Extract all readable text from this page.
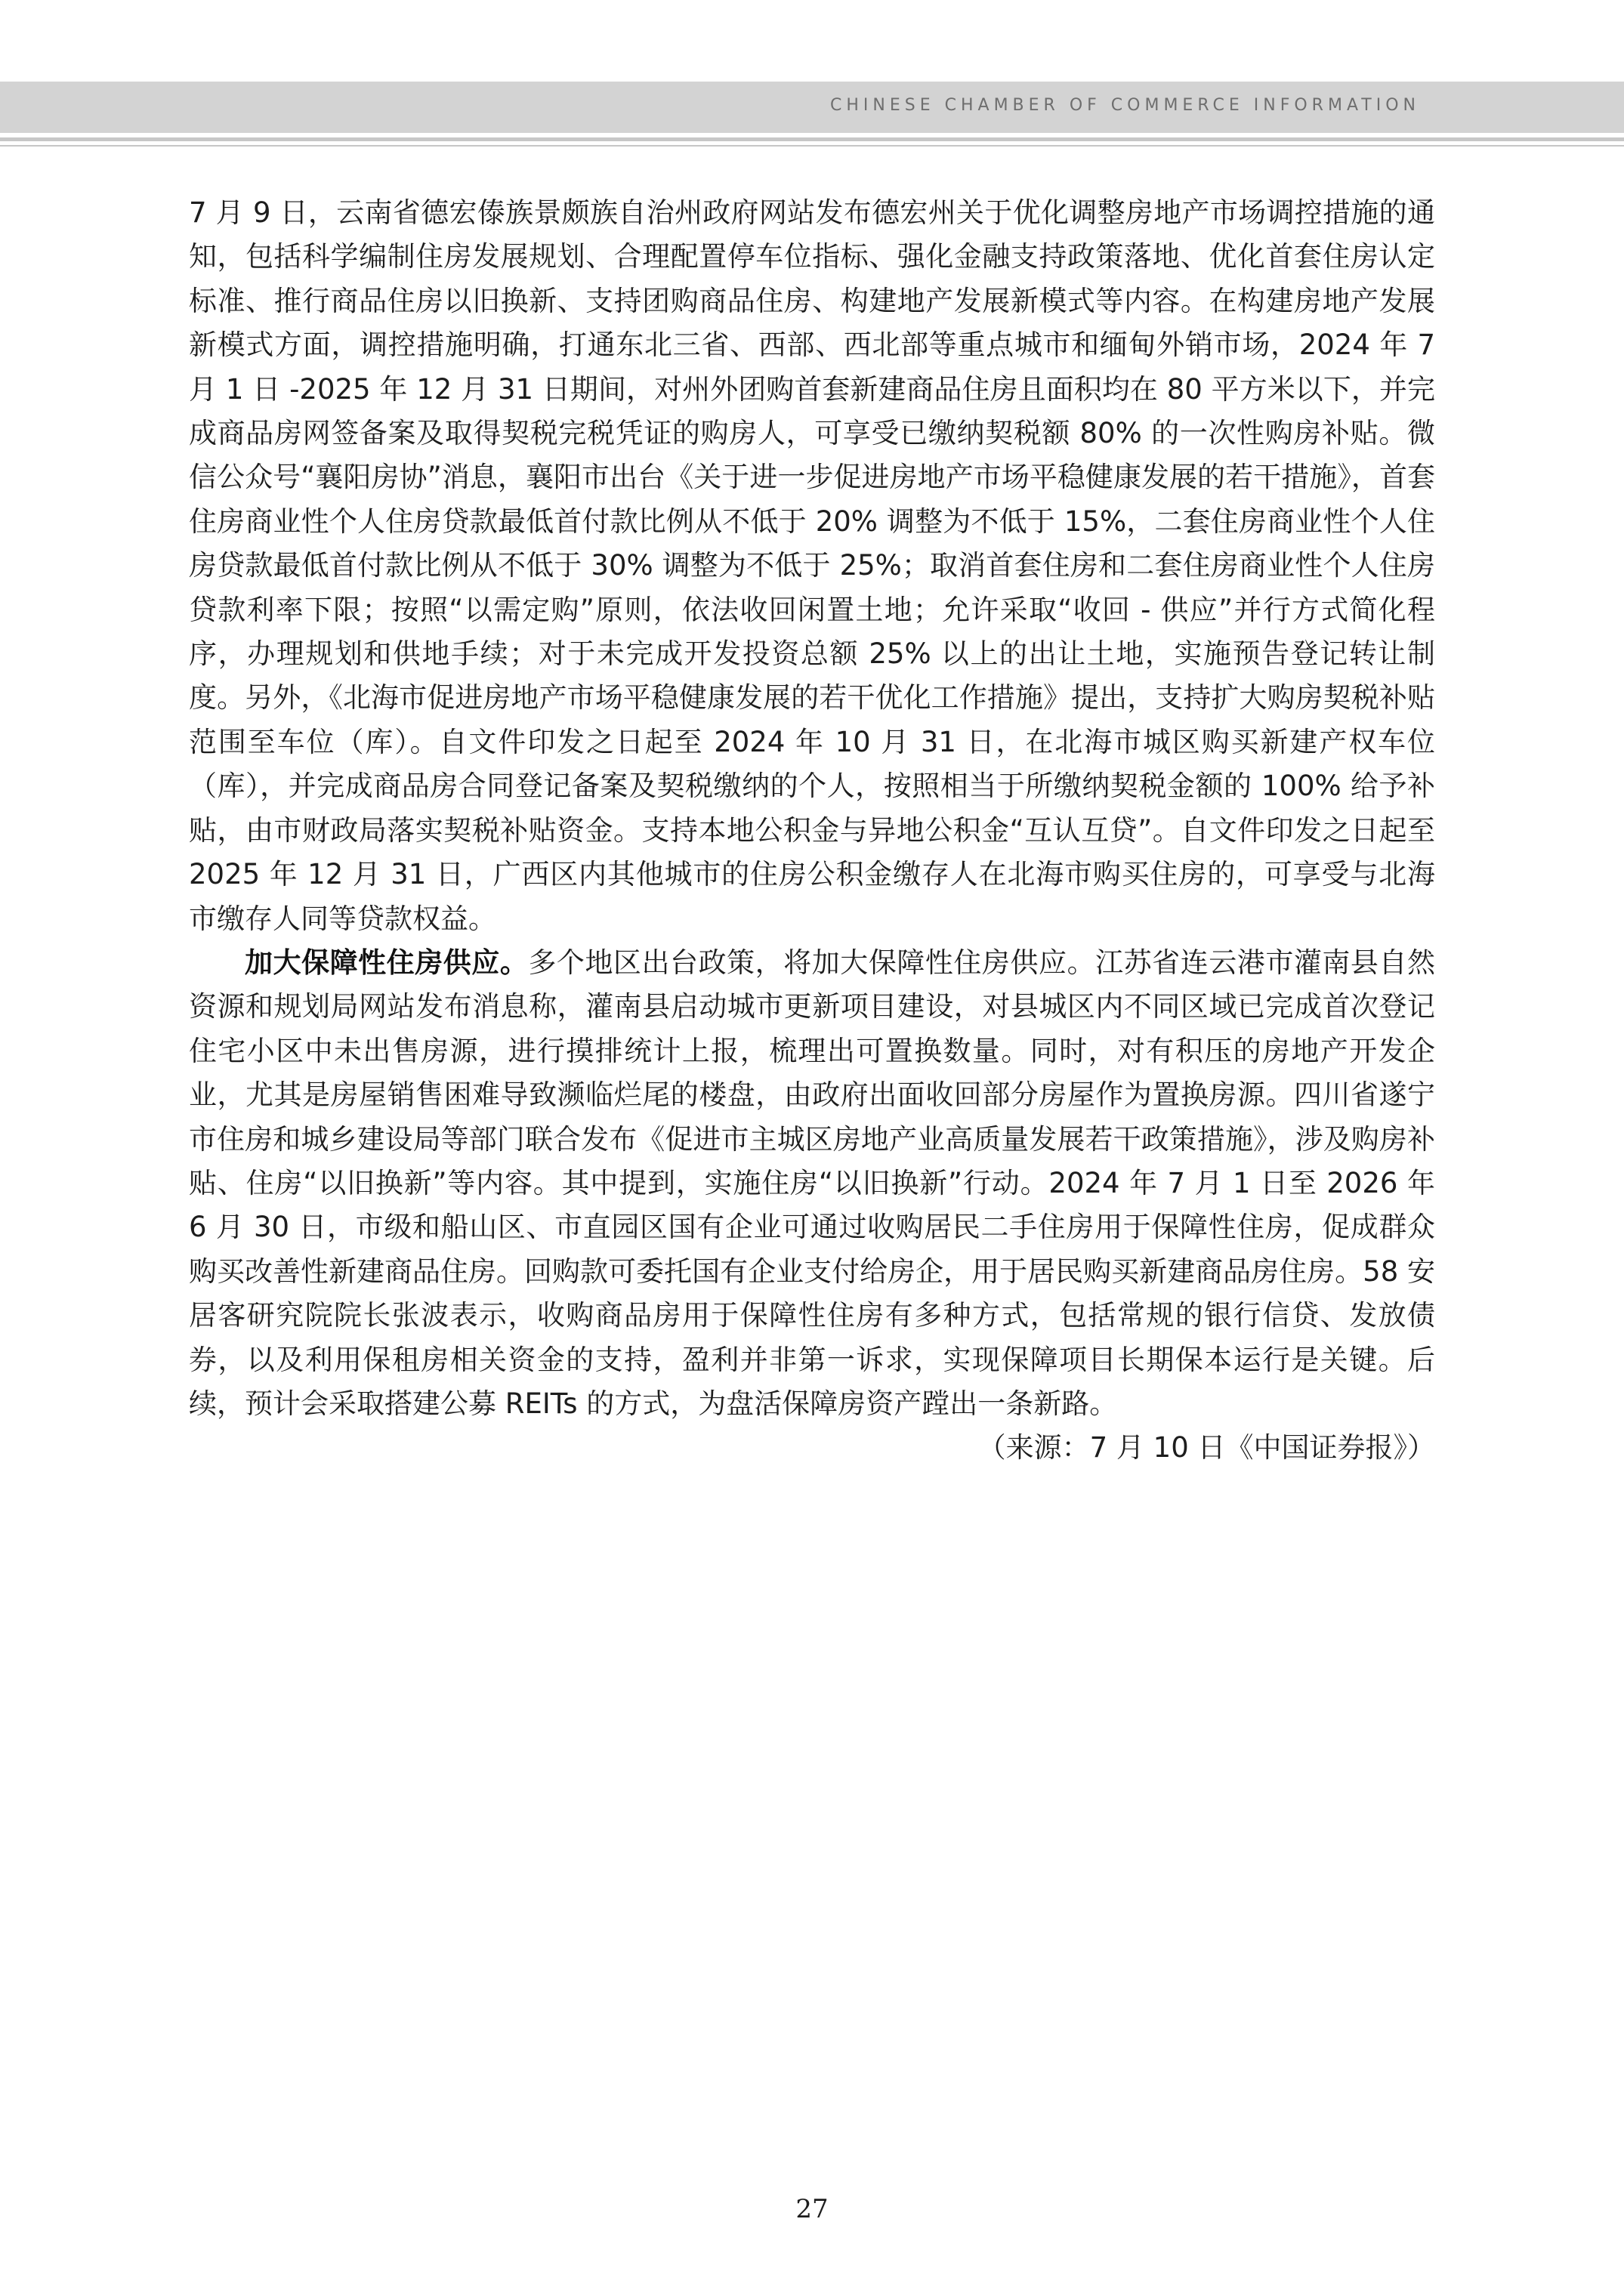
CHINESE CHAMBER OF COMMERCE INFORMATION

7 月 9 日，云南省德宏傣族景颇族自治州政府网站发布德宏州关于优化调整房地产市场调控措施的通知，包括科学编制住房发展规划、合理配置停车位指标、强化金融支持政策落地、优化首套住房认定标准、推行商品住房以旧换新、支持团购商品住房、构建地产发展新模式等内容。在构建房地产发展新模式方面，调控措施明确，打通东北三省、西部、西北部等重点城市和缅甸外销市场，2024 年 7 月 1 日 -2025 年 12 月 31 日期间，对州外团购首套新建商品住房且面积均在 80 平方米以下，并完成商品房网签备案及取得契税完税凭证的购房人，可享受已缴纳契税额 80% 的一次性购房补贴。微信公众号“襄阳房协”消息，襄阳市出台《关于进一步促进房地产市场平稳健康发展的若干措施》，首套住房商业性个人住房贷款最低首付款比例从不低于 20% 调整为不低于 15%，二套住房商业性个人住房贷款最低首付款比例从不低于 30% 调整为不低于 25%；取消首套住房和二套住房商业性个人住房贷款利率下限；按照“以需定购”原则，依法收回闲置土地；允许采取“收回 - 供应”并行方式简化程序，办理规划和供地手续；对于未完成开发投资总额 25% 以上的出让土地，实施预告登记转让制度。另外，《北海市促进房地产市场平稳健康发展的若干优化工作措施》提出，支持扩大购房契税补贴范围至车位（库）。自文件印发之日起至 2024 年 10 月 31 日，在北海市城区购买新建产权车位（库），并完成商品房合同登记备案及契税缴纳的个人，按照相当于所缴纳契税金额的 100% 给予补贴，由市财政局落实契税补贴资金。支持本地公积金与异地公积金“互认互贷”。自文件印发之日起至 2025 年 12 月 31 日，广西区内其他城市的住房公积金缴存人在北海市购买住房的，可享受与北海市缴存人同等贷款权益。

加大保障性住房供应。多个地区出台政策，将加大保障性住房供应。江苏省连云港市灌南县自然资源和规划局网站发布消息称，灌南县启动城市更新项目建设，对县城区内不同区域已完成首次登记住宅小区中未出售房源，进行摸排统计上报，梳理出可置换数量。同时，对有积压的房地产开发企业，尤其是房屋销售困难导致濒临烂尾的楼盘，由政府出面收回部分房屋作为置换房源。四川省遂宁市住房和城乡建设局等部门联合发布《促进市主城区房地产业高质量发展若干政策措施》，涉及购房补贴、住房“以旧换新”等内容。其中提到，实施住房“以旧换新”行动。2024 年 7 月 1 日至 2026 年 6 月 30 日，市级和船山区、市直园区国有企业可通过收购居民二手住房用于保障性住房，促成群众购买改善性新建商品住房。回购款可委托国有企业支付给房企，用于居民购买新建商品房住房。58 安居客研究院院长张波表示，收购商品房用于保障性住房有多种方式，包括常规的银行信贷、发放债券，以及利用保租房相关资金的支持，盈利并非第一诉求，实现保障项目长期保本运行是关键。后续，预计会采取搭建公募 REITs 的方式，为盘活保障房资产蹚出一条新路。

（来源：7 月 10 日《中国证券报》）

27
